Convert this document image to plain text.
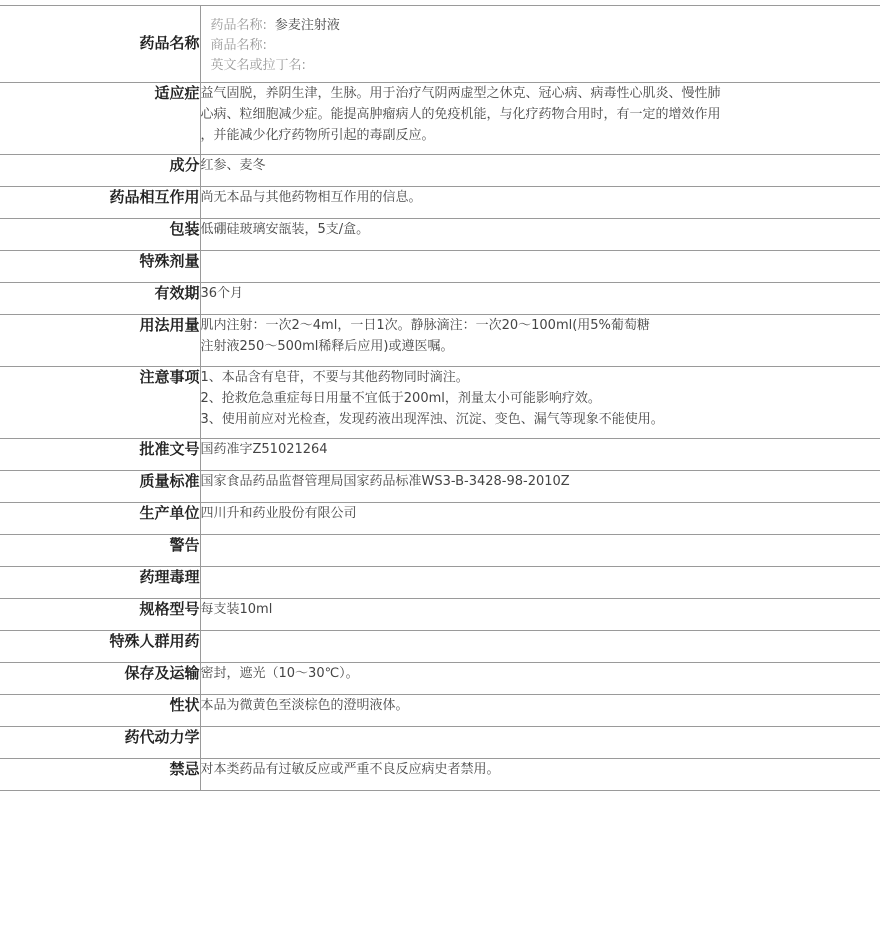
药品名称	药品名称: 参麦注射液
商品名称:
英文名或拉丁名:

适应症	益气固脱，养阴生津，生脉。用于治疗气阴两虚型之休克、冠心病、病毒性心肌炎、慢性肺
心病、粒细胞减少症。能提高肿瘤病人的免疫机能，与化疗药物合用时，有一定的增效作用
，并能减少化疗药物所引起的毒副反应。

成分	红参、麦冬

药品相互作用	尚无本品与其他药物相互作用的信息。

包装	低硼硅玻璃安瓿装，5支/盒。

特殊剂量	
有效期	36个月

用法用量	肌内注射：一次2～4ml，一日1次。静脉滴注：一次20～100ml(用5%葡萄糖
注射液250～500ml稀释后应用)或遵医嘱。

注意事项	1、本品含有皂苷，不要与其他药物同时滴注。
2、抢救危急重症每日用量不宜低于200ml，剂量太小可能影响疗效。
3、使用前应对光检查，发现药液出现浑浊、沉淀、变色、漏气等现象不能使用。

批准文号	国药准字Z51021264

质量标准	国家食品药品监督管理局国家药品标准WS3-B-3428-98-2010Z

生产单位	四川升和药业股份有限公司

警告	
药理毒理	
规格型号	每支装10ml

特殊人群用药	
保存及运输	密封，遮光（10～30℃）。

性状	本品为微黄色至淡棕色的澄明液体。

药代动力学	
禁忌	对本类药品有过敏反应或严重不良反应病史者禁用。
